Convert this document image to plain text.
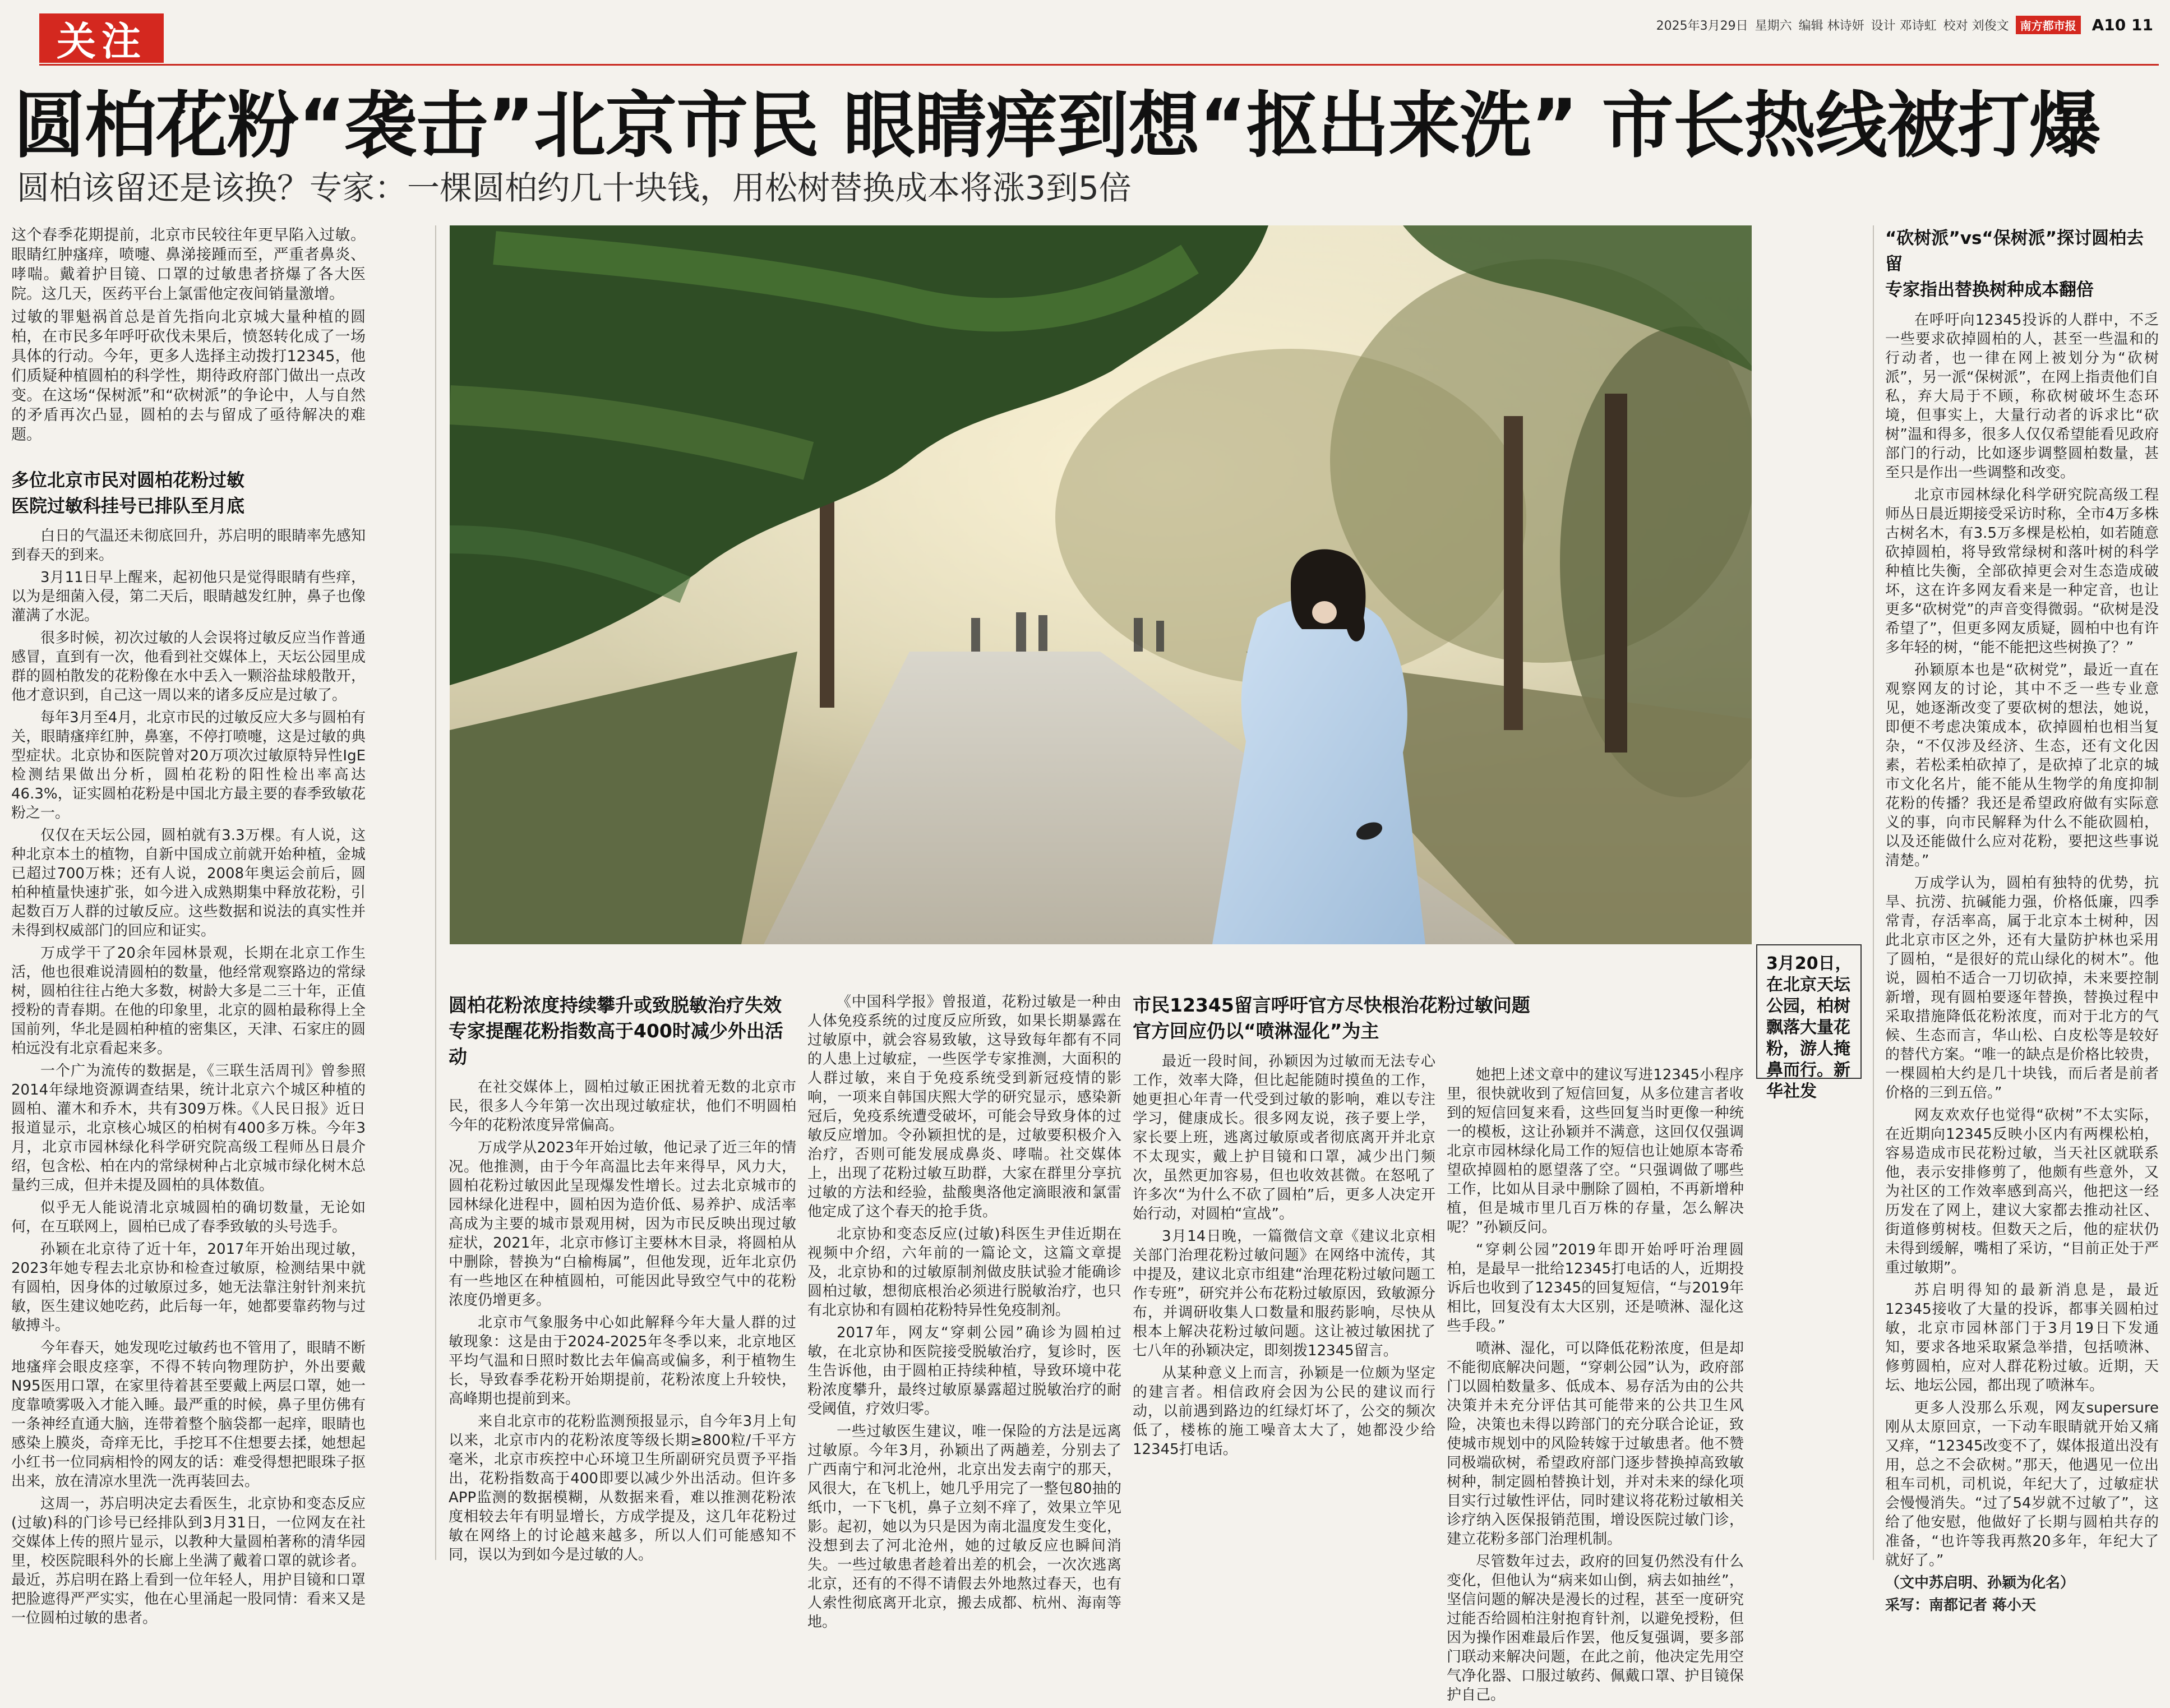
关注	2025年3月29日 星期六 编辑 林诗妍 设计 邓诗虹 校对 刘俊文	南方都市报 A10 11
圆柏花粉“袭击”北京市民 眼睛痒到想“抠出来洗” 市长热线被打爆
圆柏该留还是该换？专家：一棵圆柏约几十块钱，用松树替换成本将涨3到5倍

这个春季花期提前，北京市民较往年更早陷入过敏。眼睛红肿瘙痒，喷嚏、鼻涕接踵而至，严重者鼻炎、哮喘。戴着护目镜、口罩的过敏患者挤爆了各大医院。这几天，医药平台上氯雷他定夜间销量激增。

过敏的罪魁祸首总是首先指向北京城大量种植的圆柏，在市民多年呼吁砍伐未果后，愤怒转化成了一场具体的行动。今年，更多人选择主动拨打12345，他们质疑种植圆柏的科学性，期待政府部门做出一点改变。在这场“保树派”和“砍树派”的争论中，人与自然的矛盾再次凸显，圆柏的去与留成了亟待解决的难题。

多位北京市民对圆柏花粉过敏
医院过敏科挂号已排队至月底

白日的气温还未彻底回升，苏启明的眼睛率先感知到春天的到来。

3月11日早上醒来，起初他只是觉得眼睛有些痒，以为是细菌入侵，第二天后，眼睛越发红肿，鼻子也像灌满了水泥。

很多时候，初次过敏的人会误将过敏反应当作普通感冒，直到有一次，他看到社交媒体上，天坛公园里成群的圆柏散发的花粉像在水中丢入一颗浴盐球般散开，他才意识到，自己这一周以来的诸多反应是过敏了。

每年3月至4月，北京市民的过敏反应大多与圆柏有关，眼睛瘙痒红肿，鼻塞，不停打喷嚏，这是过敏的典型症状。北京协和医院曾对20万项次过敏原特异性IgE检测结果做出分析，圆柏花粉的阳性检出率高达46.3%，证实圆柏花粉是中国北方最主要的春季致敏花粉之一。

仅仅在天坛公园，圆柏就有3.3万棵。有人说，这种北京本土的植物，自新中国成立前就开始种植，金城已超过700万株；还有人说，2008年奥运会前后，圆柏种植量快速扩张，如今进入成熟期集中释放花粉，引起数百万人群的过敏反应。这些数据和说法的真实性并未得到权威部门的回应和证实。

万成学干了20余年园林景观，长期在北京工作生活，他也很难说清圆柏的数量，他经常观察路边的常绿树，圆柏往往占绝大多数，树龄大多是二三十年，正值授粉的青春期。在他的印象里，北京的圆柏最称得上全国前列，华北是圆柏种植的密集区，天津、石家庄的圆柏远没有北京看起来多。

一个广为流传的数据是，《三联生活周刊》曾参照2014年绿地资源调查结果，统计北京六个城区种植的圆柏、灌木和乔木，共有309万株。《人民日报》近日报道显示，北京核心城区的柏树有400多万株。今年3月，北京市园林绿化科学研究院高级工程师丛日晨介绍，包含松、柏在内的常绿树种占北京城市绿化树木总量约三成，但并未提及圆柏的具体数值。

似乎无人能说清北京城圆柏的确切数量，无论如何，在互联网上，圆柏已成了春季致敏的头号选手。

孙颖在北京待了近十年，2017年开始出现过敏，2023年她专程去北京协和检查过敏原，检测结果中就有圆柏，因身体的过敏原过多，她无法靠注射针剂来抗敏，医生建议她吃药，此后每一年，她都要靠药物与过敏搏斗。

今年春天，她发现吃过敏药也不管用了，眼睛不断地瘙痒会眼皮痉挛，不得不转向物理防护，外出要戴N95医用口罩，在家里待着甚至要戴上两层口罩，她一度靠喷雾吸入才能入睡。最严重的时候，鼻子里仿佛有一条神经直通大脑，连带着整个脑袋都一起痒，眼睛也感染上膜炎，奇痒无比，手挖耳不住想要去揉，她想起小红书一位同病相怜的网友的话：难受得想把眼珠子抠出来，放在清凉水里洗一洗再装回去。

这周一，苏启明决定去看医生，北京协和变态反应(过敏)科的门诊号已经排队到3月31日，一位网友在社交媒体上传的照片显示，以教种大量圆柏著称的清华园里，校医院眼科外的长廊上坐满了戴着口罩的就诊者。最近，苏启明在路上看到一位年轻人，用护目镜和口罩把脸遮得严严实实，他在心里涌起一股同情：看来又是一位圆柏过敏的患者。

3月20日，在北京天坛公园，柏树飘落大量花粉，游人掩鼻而行。新华社发

圆柏花粉浓度持续攀升或致脱敏治疗失效
专家提醒花粉指数高于400时减少外出活动

在社交媒体上，圆柏过敏正困扰着无数的北京市民，很多人今年第一次出现过敏症状，他们不明圆柏今年的花粉浓度异常偏高。

万成学从2023年开始过敏，他记录了近三年的情况。他推测，由于今年高温比去年来得早，风力大，圆柏花粉过敏因此呈现爆发性增长。过去北京城市的园林绿化进程中，圆柏因为造价低、易养护、成活率高成为主要的城市景观用树，因为市民反映出现过敏症状，2021年，北京市修订主要林木目录，将圆柏从中删除，替换为“白榆梅属”，但他发现，近年北京仍有一些地区在种植圆柏，可能因此导致空气中的花粉浓度仍增更多。

北京市气象服务中心如此解释今年大量人群的过敏现象：这是由于2024-2025年冬季以来，北京地区平均气温和日照时数比去年偏高或偏多，利于植物生长，导致春季花粉开始期提前，花粉浓度上升较快，高峰期也提前到来。

来自北京市的花粉监测预报显示，自今年3月上旬以来，北京市内的花粉浓度等级长期≥800粒/千平方毫米，北京市疾控中心环境卫生所副研究员贾予平指出，花粉指数高于400即要以减少外出活动。但许多APP监测的数据模糊，从数据来看，难以推测花粉浓度相较去年有明显增长，方成学提及，这几年花粉过敏在网络上的讨论越来越多，所以人们可能感知不同，误以为到如今是过敏的人。

《中国科学报》曾报道，花粉过敏是一种由人体免疫系统的过度反应所致，如果长期暴露在过敏原中，就会容易致敏，这导致每年都有不同的人患上过敏症，一些医学专家推测，大面积的人群过敏，来自于免疫系统受到新冠疫情的影响，一项来自韩国庆熙大学的研究显示，感染新冠后，免疫系统遭受破坏，可能会导致身体的过敏反应增加。令孙颖担忧的是，过敏要积极介入治疗，否则可能发展成鼻炎、哮喘。社交媒体上，出现了花粉过敏互助群，大家在群里分享抗过敏的方法和经验，盐酸奥洛他定滴眼液和氯雷他定成了这个春天的抢手货。

北京协和变态反应(过敏)科医生尹佳近期在视频中介绍，六年前的一篇论文，这篇文章提及，北京协和的过敏原制剂做皮肤试验才能确诊圆柏过敏，想彻底根治必须进行脱敏治疗，也只有北京协和有圆柏花粉特异性免疫制剂。

2017年，网友“穿刺公园”确诊为圆柏过敏，在北京协和医院接受脱敏治疗，复诊时，医生告诉他，由于圆柏正持续种植，导致环境中花粉浓度攀升，最终过敏原暴露超过脱敏治疗的耐受阈值，疗效归零。

一些过敏医生建议，唯一保险的方法是远离过敏原。今年3月，孙颖出了两趟差，分别去了广西南宁和河北沧州，北京出发去南宁的那天，风很大，在飞机上，她几乎用完了一整包80抽的纸巾，一下飞机，鼻子立刻不痒了，效果立竿见影。起初，她以为只是因为南北温度发生变化，没想到去了河北沧州，她的过敏反应也瞬间消失。一些过敏患者趁着出差的机会，一次次逃离北京，还有的不得不请假去外地熬过春天，也有人索性彻底离开北京，搬去成都、杭州、海南等地。

市民12345留言呼吁官方尽快根治花粉过敏问题
官方回应仍以“喷淋湿化”为主

最近一段时间，孙颖因为过敏而无法专心工作，效率大降，但比起能随时摸鱼的工作，她更担心年青一代受到过敏的影响，难以专注学习，健康成长。很多网友说，孩子要上学，家长要上班，逃离过敏原或者彻底离开并北京不太现实，戴上护目镜和口罩，减少出门频次，虽然更加容易，但也收效甚微。在怒吼了许多次“为什么不砍了圆柏”后，更多人决定开始行动，对圆柏“宣战”。

3月14日晚，一篇微信文章《建议北京相关部门治理花粉过敏问题》在网络中流传，其中提及，建议北京市组建“治理花粉过敏问题工作专班”，研究并公布花粉过敏原因，致敏源分布，并调研收集人口数量和服药影响，尽快从根本上解决花粉过敏问题。这让被过敏困扰了七八年的孙颖决定，即刻拨12345留言。

从某种意义上而言，孙颖是一位颇为坚定的建言者。相信政府会因为公民的建议而行动，以前遇到路边的红绿灯坏了，公交的频次低了，楼栋的施工噪音太大了，她都没少给12345打电话。

她把上述文章中的建议写进12345小程序里，很快就收到了短信回复，从多位建言者收到的短信回复来看，这些回复当时更像一种统一的模板，这让孙颖并不满意，这回仅仅强调北京市园林绿化局工作的短信也让她原本寄希望砍掉圆柏的愿望落了空。“只强调做了哪些工作，比如从目录中删除了圆柏，不再新增种植，但是城市里几百万株的存量，怎么解决呢？”孙颖反问。

“穿刺公园”2019年即开始呼吁治理圆柏，是最早一批给12345打电话的人，近期投诉后也收到了12345的回复短信，“与2019年相比，回复没有太大区别，还是喷淋、湿化这些手段。”

喷淋、湿化，可以降低花粉浓度，但是却不能彻底解决问题，“穿刺公园”认为，政府部门以圆柏数量多、低成本、易存活为由的公共决策并未充分评估其可能带来的公共卫生风险，决策也未得以跨部门的充分联合论证，致使城市规划中的风险转嫁于过敏患者。他不赞同极端砍树，希望政府部门逐步替换掉高致敏树种，制定圆柏替换计划，并对未来的绿化项目实行过敏性评估，同时建议将花粉过敏相关诊疗纳入医保报销范围，增设医院过敏门诊，建立花粉多部门治理机制。

尽管数年过去，政府的回复仍然没有什么变化，但他认为“病来如山倒，病去如抽丝”，坚信问题的解决是漫长的过程，甚至一度研究过能否给圆柏注射抱育针剂，以避免授粉，但因为操作困难最后作罢，他反复强调，要多部门联动来解决问题，在此之前，他决定先用空气净化器、口服过敏药、佩戴口罩、护目镜保护自己。

“砍树派”vs“保树派”探讨圆柏去留
专家指出替换树种成本翻倍

在呼吁向12345投诉的人群中，不乏一些要求砍掉圆柏的人，甚至一些温和的行动者，也一律在网上被划分为“砍树派”，另一派“保树派”，在网上指责他们自私，弃大局于不顾，称砍树破坏生态环境，但事实上，大量行动者的诉求比“砍树”温和得多，很多人仅仅希望能看见政府部门的行动，比如逐步调整圆柏数量，甚至只是作出一些调整和改变。

北京市园林绿化科学研究院高级工程师丛日晨近期接受采访时称，全市4万多株古树名木，有3.5万多棵是松柏，如若随意砍掉圆柏，将导致常绿树和落叶树的科学种植比失衡，全部砍掉更会对生态造成破坏，这在许多网友看来是一种定音，也让更多“砍树党”的声音变得微弱。“砍树是没希望了”，但更多网友质疑，圆柏中也有许多年轻的树，“能不能把这些树换了？”

孙颖原本也是“砍树党”，最近一直在观察网友的讨论，其中不乏一些专业意见，她逐渐改变了要砍树的想法，她说，即便不考虑决策成本，砍掉圆柏也相当复杂，“不仅涉及经济、生态，还有文化因素，若松柔柏砍掉了，是砍掉了北京的城市文化名片，能不能从生物学的角度抑制花粉的传播？我还是希望政府做有实际意义的事，向市民解释为什么不能砍圆柏，以及还能做什么应对花粉，要把这些事说清楚。”

万成学认为，圆柏有独特的优势，抗旱、抗涝、抗碱能力强，价格低廉，四季常青，存活率高，属于北京本土树种，因此北京市区之外，还有大量防护林也采用了圆柏，“是很好的荒山绿化的树木”。他说，圆柏不适合一刀切砍掉，未来要控制新增，现有圆柏要逐年替换，替换过程中采取措施降低花粉浓度，而对于北方的气候、生态而言，华山松、白皮松等是较好的替代方案。“唯一的缺点是价格比较贵，一棵圆柏大约是几十块钱，而后者是前者价格的三到五倍。”

网友欢欢仔也觉得“砍树”不太实际，在近期向12345反映小区内有两棵松柏，容易造成市民花粉过敏，当天社区就联系他，表示安排修剪了，他颇有些意外，又为社区的工作效率感到高兴，他把这一经历发在了网上，建议大家都去推动社区、街道修剪树枝。但数天之后，他的症状仍未得到缓解，嘴相了采访，“目前正处于严重过敏期”。

苏启明得知的最新消息是，最近12345接收了大量的投诉，都事关圆柏过敏，北京市园林部门于3月19日下发通知，要求各地采取紧急举措，包括喷淋、修剪圆柏，应对人群花粉过敏。近期，天坛、地坛公园，都出现了喷淋车。

更多人没那么乐观，网友supersure刚从太原回京，一下动车眼睛就开始又痛又痒，“12345改变不了，媒体报道出没有用，总之不会砍树。”那天，他遇见一位出租车司机，司机说，年纪大了，过敏症状会慢慢消失。“过了54岁就不过敏了”，这给了他安慰，他做好了长期与圆柏共存的准备，“也许等我再熬20多年，年纪大了就好了。”

（文中苏启明、孙颖为化名）

采写：南都记者 蒋小天
